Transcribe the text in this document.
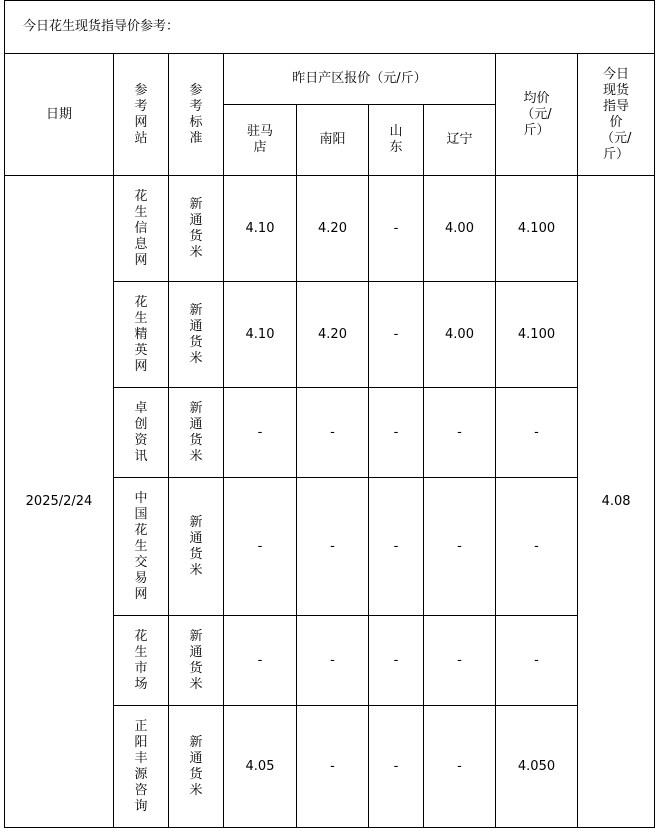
今日花生现货指导价参考：								
日期	参考网站	参考标准	昨日产区报价（元/斤）				均价（元/斤）	今日现货指导价（元/斤）
			驻马店	南阳	山东	辽宁		
2025/2/24	花生信息网	新通货米	4.10	4.20	-	4.00	4.100	4.08
	花生精英网	新通货米	4.10	4.20	-	4.00	4.100	
	卓创资讯	新通货米	-	-	-	-	-	
	中国花生交易网	新通货米	-	-	-	-	-	
	花生市场	新通货米	-	-	-	-	-	
	正阳丰源咨询	新通货米	4.05	-	-	-	4.050	
